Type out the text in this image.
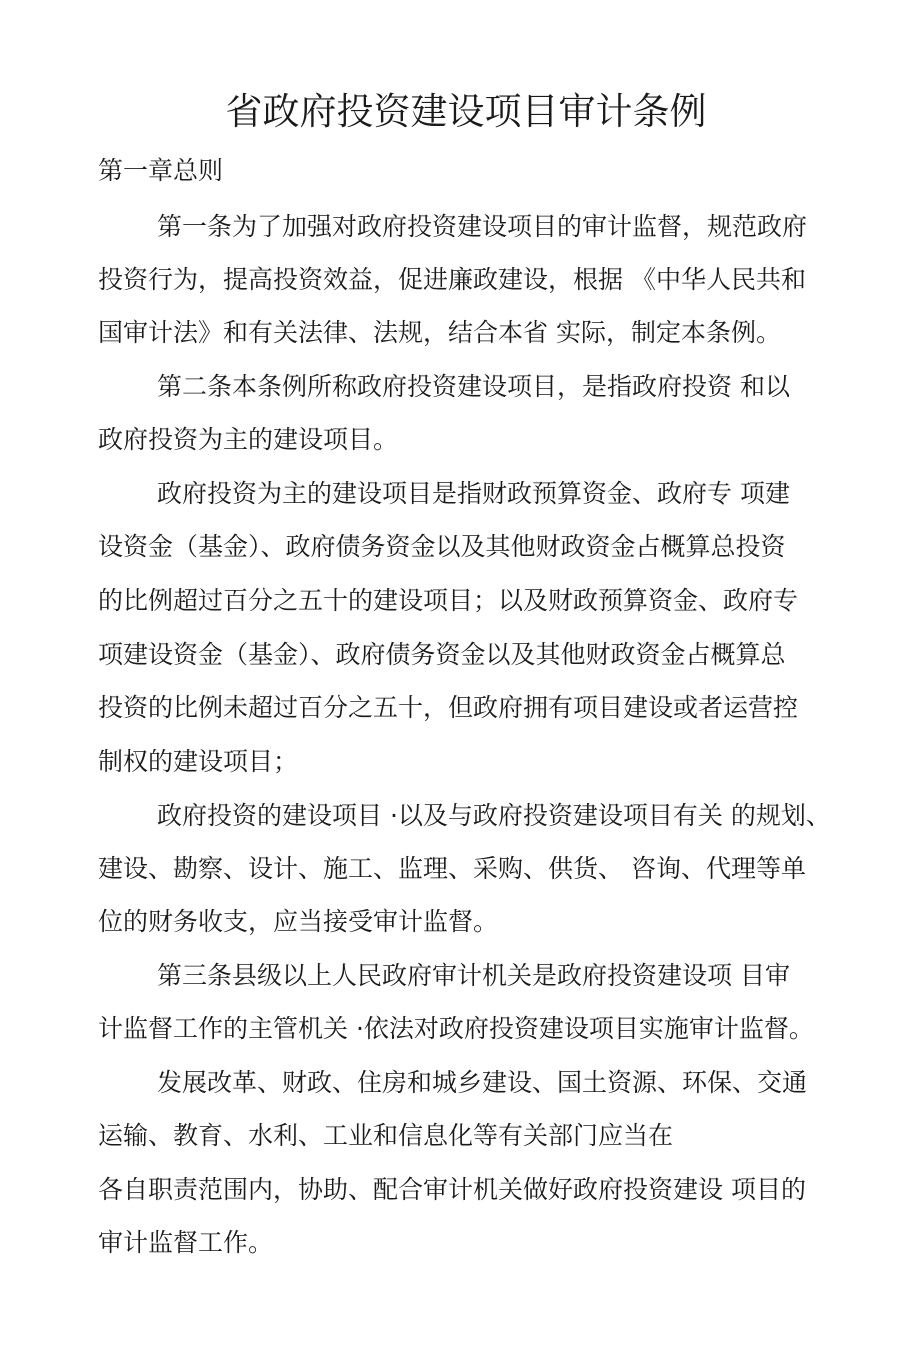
省政府投资建设项目审计条例
第一章总则
第一条为了加强对政府投资建设项目的审计监督，规范政府
投资行为，提高投资效益，促进廉政建设，根据 《中华人民共和
国审计法》和有关法律、法规，结合本省 实际，制定本条例。
第二条本条例所称政府投资建设项目，是指政府投资 和以
政府投资为主的建设项目。
政府投资为主的建设项目是指财政预算资金、政府专 项建
设资金（基金）、政府债务资金以及其他财政资金占概算总投资
的比例超过百分之五十的建设项目；以及财政预算资金、政府专
项建设资金（基金）、政府债务资金以及其他财政资金占概算总
投资的比例未超过百分之五十，但政府拥有项目建设或者运营控
制权的建设项目；
政府投资的建设项目 ·以及与政府投资建设项目有关 的规划、
建设、勘察、设计、施工、监理、采购、供货、 咨询、代理等单
位的财务收支，应当接受审计监督。
第三条县级以上人民政府审计机关是政府投资建设项 目审
计监督工作的主管机关 ·依法对政府投资建设项目实施审计监督。
发展改革、财政、住房和城乡建设、国土资源、环保、交通
运输、教育、水利、工业和信息化等有关部门应当在
各自职责范围内，协助、配合审计机关做好政府投资建设 项目的
审计监督工作。
